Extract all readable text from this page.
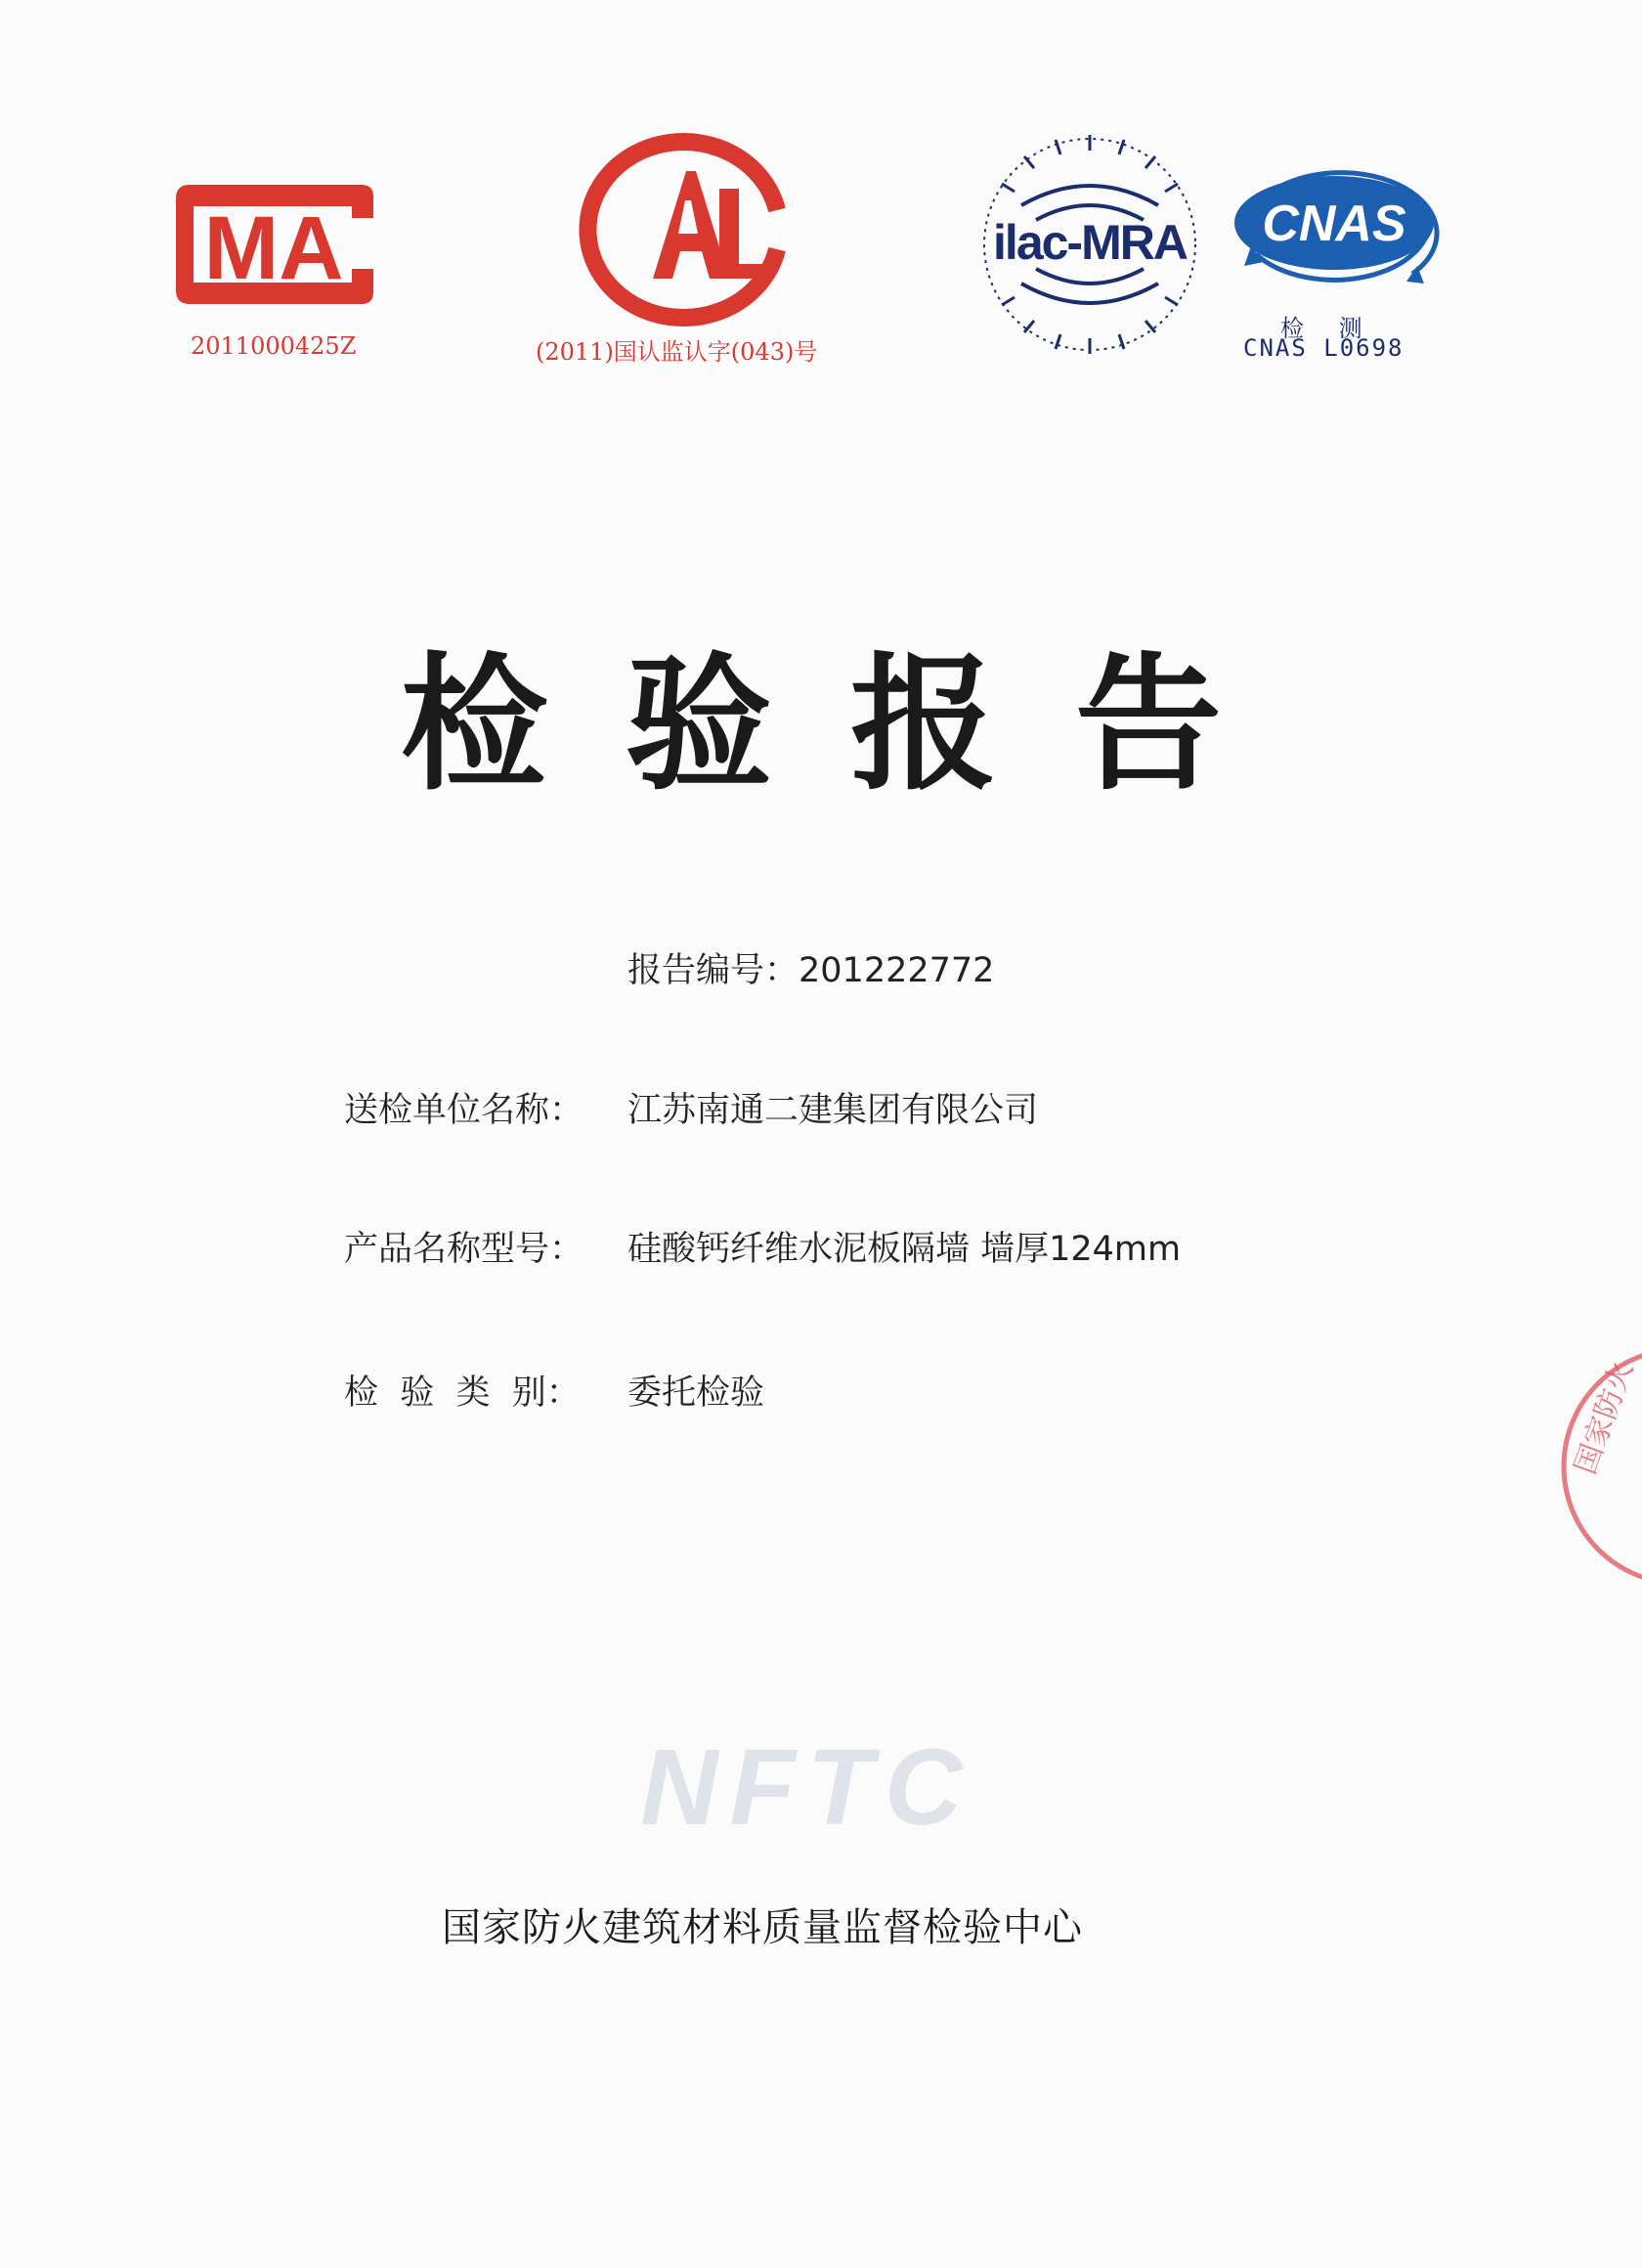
MA
2011000425Z	(2011)国认监认字(043)号
ilac-MRA CNAS
检 测
CNAS L0698
检验报告
报告编号：201222772
送检单位名称： 江苏南通二建集团有限公司
产品名称型号： 硅酸钙纤维水泥板隔墙 墙厚124mm
检  验  类  别： 委托检验	国家防火
NFTC
国家防火建筑材料质量监督检验中心
